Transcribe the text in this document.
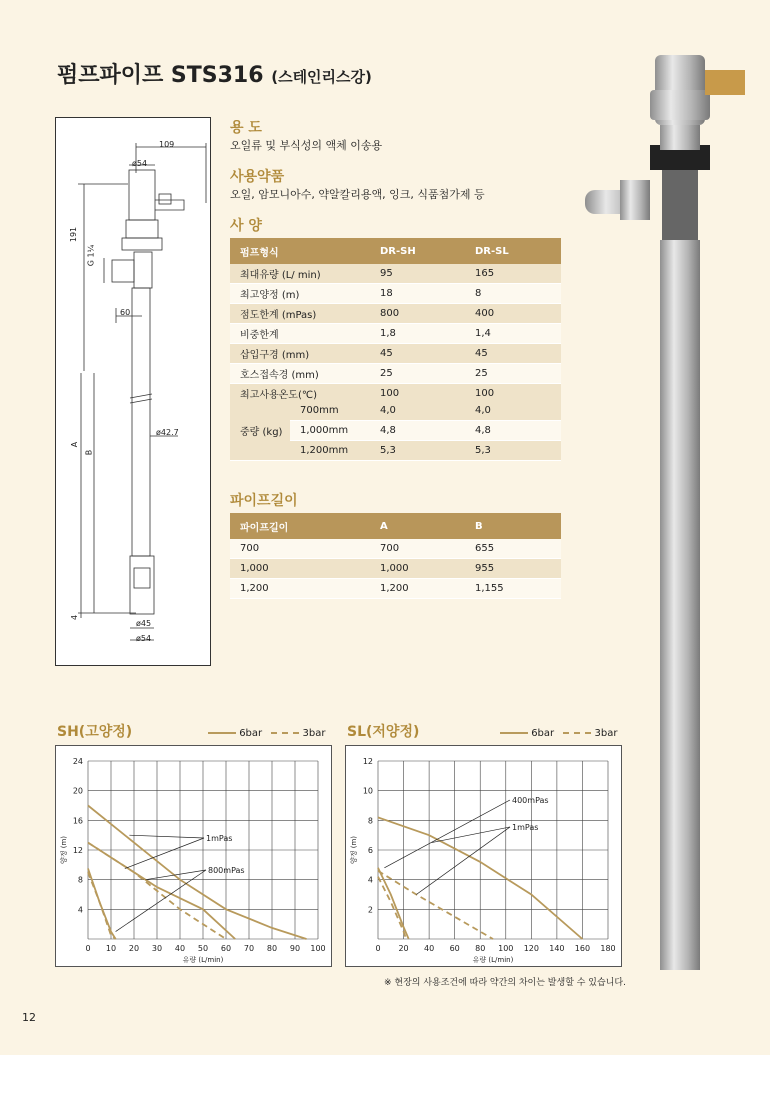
펌프파이프 STS316 (스테인리스강)
109
ø54
191
G 1¼
60
ø42.7
A
B
4
ø45
ø54
용 도
오일류 및 부식성의 액체 이송용
사용약품
오일, 암모니아수, 약알칼리용액, 잉크, 식품첨가제 등
사 양
펌프형식	DR-SH	DR-SL
최대유량 (L/ min)	95	165
최고양정 (m)	18	8
점도한계 (mPas)	800	400
비중한계	1,8	1,4
삽입구경 (mm)	45	45
호스접속경 (mm)	25	25
최고사용온도(℃)	100	100
중량 (kg)	700mm	4,0	4,0
	1,000mm	4,8	4,8
	1,200mm	5,3	5,3
파이프길이
파이프길이	A	B
700	700	655
1,000	1,000	955
1,200	1,200	1,155
SH(고양정)	SL(저양정)
6bar	3bar	6bar	3bar
0 10 20 30 40 50 60 70 80 90 100
4
8
12
16
20
24
유량 (L/min)
양정 (m)	1mPas
800mPas
0 20 40 60 80 100 120 140 160 180
2
4
6
8
10
12
유량 (L/min)
양정 (m)
400mPas
1mPas
※ 현장의 사용조건에 따라 약간의 차이는 발생할 수 있습니다.
12
